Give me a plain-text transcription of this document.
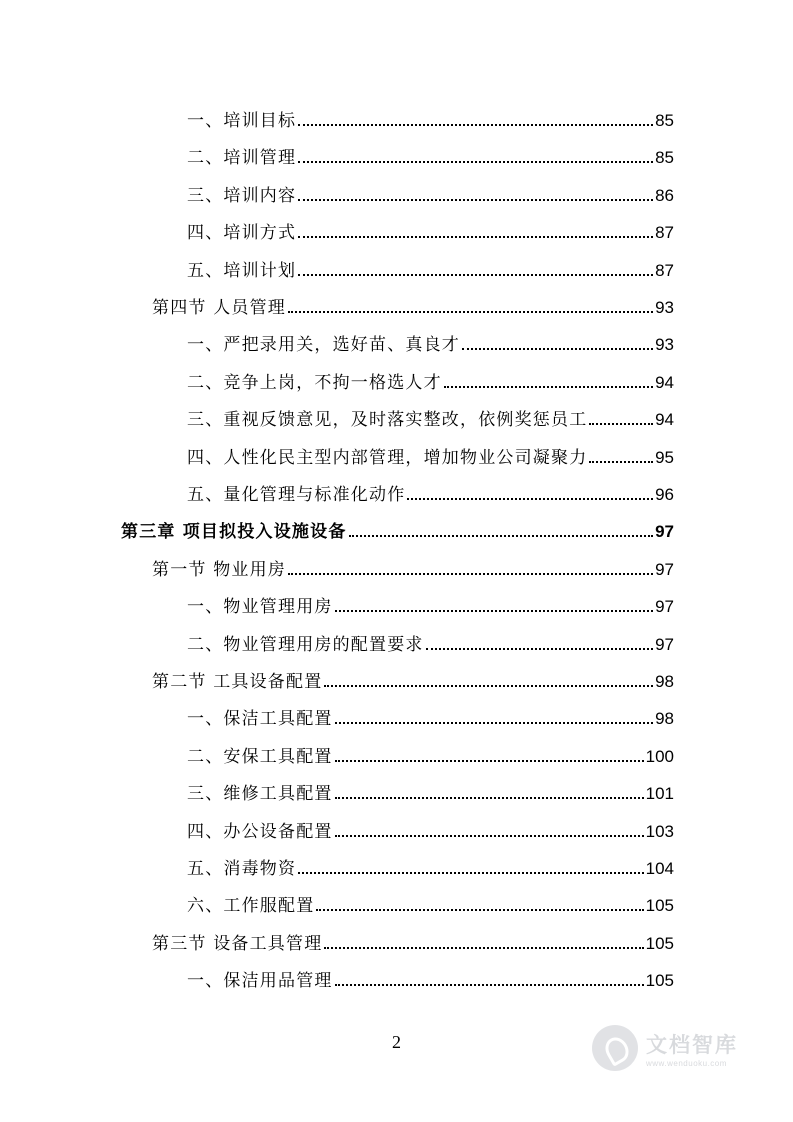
一、培训目标	85
二、培训管理	85
三、培训内容	86
四、培训方式	87
五、培训计划	87
第四节 人员管理	93
一、严把录用关，选好苗、真良才	93
二、竞争上岗，不拘一格选人才	94
三、重视反馈意见，及时落实整改，依例奖惩员工	94
四、人性化民主型内部管理，增加物业公司凝聚力	95
五、量化管理与标准化动作	96
第三章 项目拟投入设施设备	97
第一节 物业用房	97
一、物业管理用房	97
二、物业管理用房的配置要求	97
第二节 工具设备配置	98
一、保洁工具配置	98
二、安保工具配置	100
三、维修工具配置	101
四、办公设备配置	103
五、消毒物资	104
六、工作服配置	105
第三节 设备工具管理	105
一、保洁用品管理	105
2	文档智库
www.wenduoku.com
